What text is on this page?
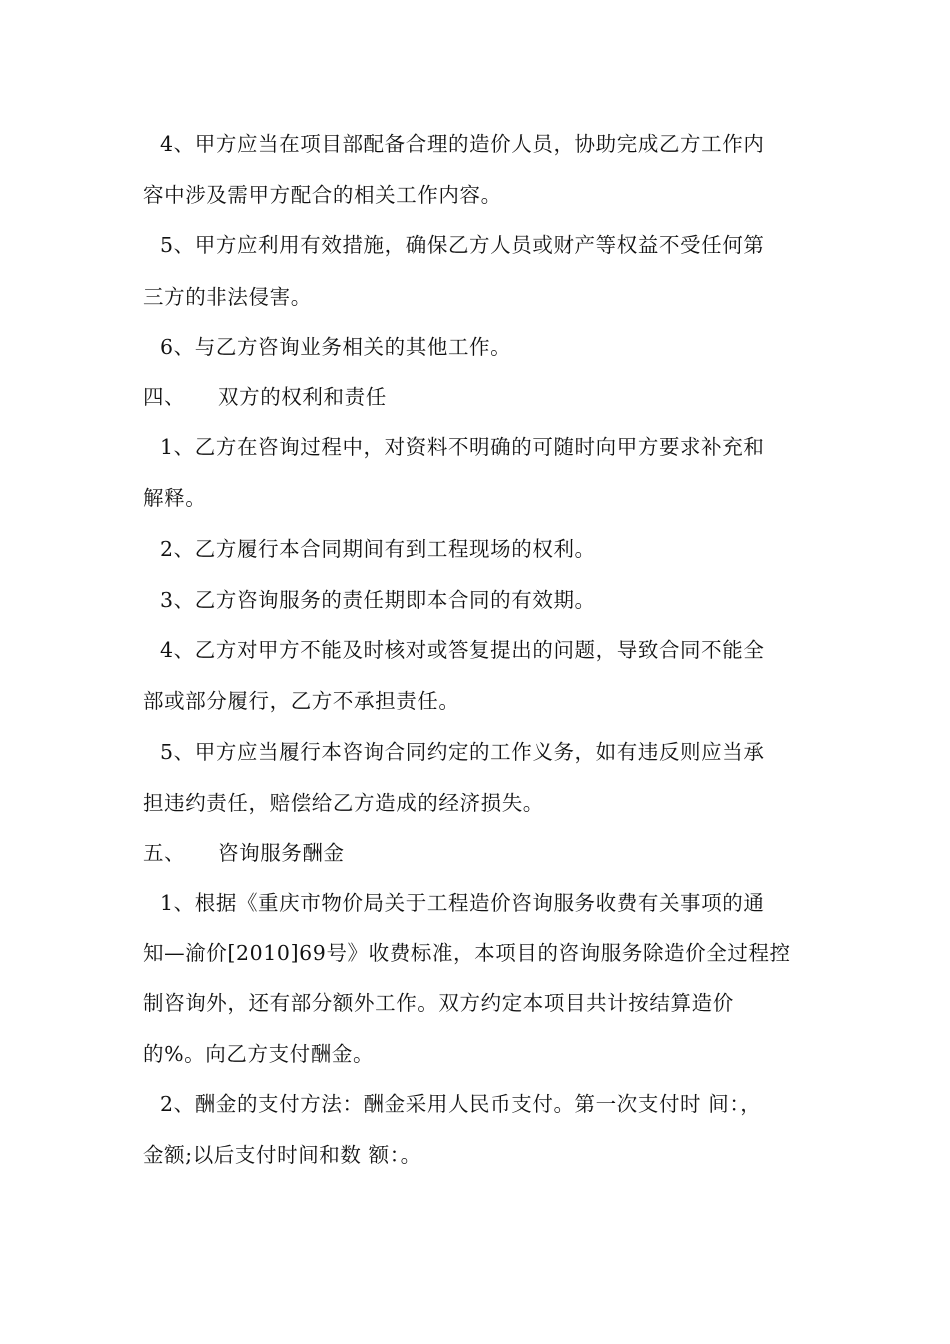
4、甲方应当在项目部配备合理的造价人员，协助完成乙方工作内
容中涉及需甲方配合的相关工作内容。
5、甲方应利用有效措施，确保乙方人员或财产等权益不受任何第
三方的非法侵害。
6、与乙方咨询业务相关的其他工作。
四、	双方的权利和责任
1、乙方在咨询过程中，对资料不明确的可随时向甲方要求补充和
解释。
2、乙方履行本合同期间有到工程现场的权利。
3、乙方咨询服务的责任期即本合同的有效期。
4、乙方对甲方不能及时核对或答复提出的问题，导致合同不能全
部或部分履行，乙方不承担责任。
5、甲方应当履行本咨询合同约定的工作义务，如有违反则应当承
担违约责任，赔偿给乙方造成的经济损失。
五、	咨询服务酬金
1、根据《重庆市物价局关于工程造价咨询服务收费有关事项的通
知—渝价[2010]69号》收费标准，本项目的咨询服务除造价全过程控
制咨询外，还有部分额外工作。双方约定本项目共计按结算造价
的%。向乙方支付酬金。
2、酬金的支付方法：酬金采用人民币支付。第一次支付时 间：，
金额;以后支付时间和数 额：。
